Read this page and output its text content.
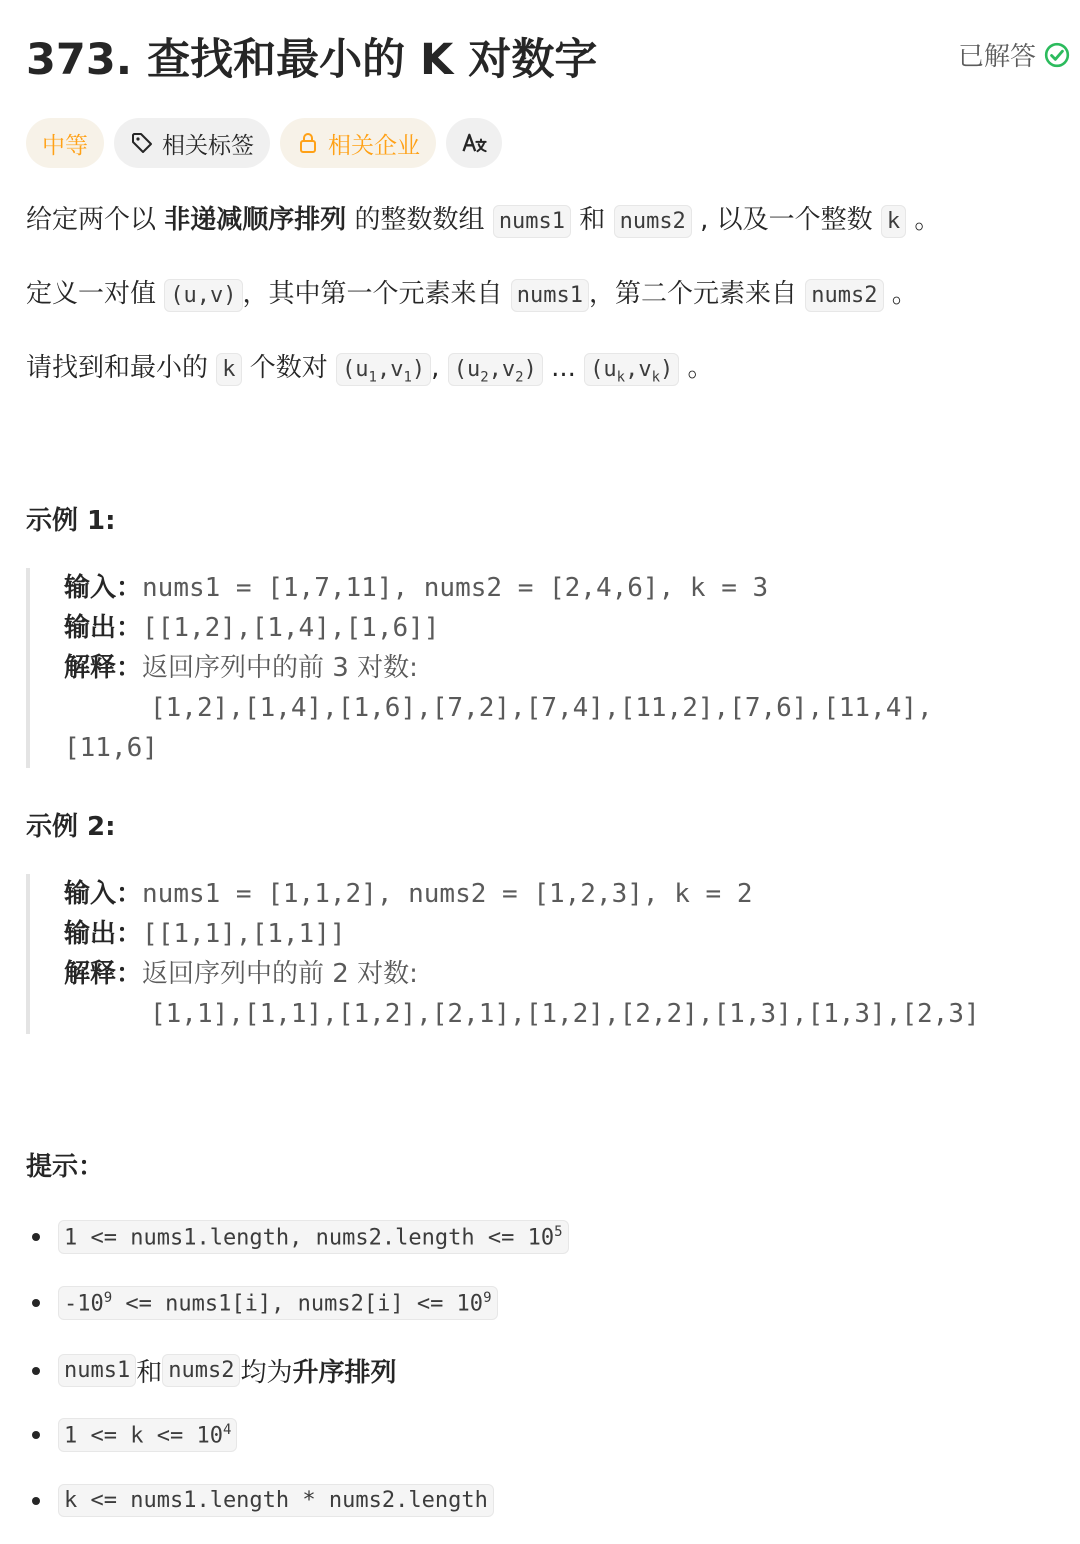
373. 查找和最小的 K 对数字	已解答
中等	相关标签	相关企业
给定两个以 非递减顺序排列 的整数数组 nums1 和 nums2 , 以及一个整数 k 。
定义一对值 (u,v) ，其中第一个元素来自 nums1 ，第二个元素来自 nums2 。
请找到和最小的 k 个数对 $(u_1,v_1)$ , $(u_2,v_2)$ ... $(u_k,v_k)$ 。
示例 1:
输入：nums1 = [1,7,11], nums2 = [2,4,6], k = 3
输出：[[1,2],[1,4],[1,6]]
解释：返回序列中的前 3 对数:
[1,2],[1,4],[1,6],[7,2],[7,4],[11,2],[7,6],[11,4],
[11,6]
示例 2:
输入：nums1 = [1,1,2], nums2 = [1,2,3], k = 2
输出：[[1,1],[1,1]]
解释：返回序列中的前 2 对数:
[1,1],[1,1],[1,2],[2,1],[1,2],[2,2],[1,3],[1,3],[2,3]
提示：
1 <= nums1.length, nums2.length <= $10^5$
$-10^9$ <= nums1[i], nums2[i] <= $10^9$
nums1 和 nums2 均为 升序排列
$1 <= k <= 10^4$
k <= nums1.length * nums2.length
